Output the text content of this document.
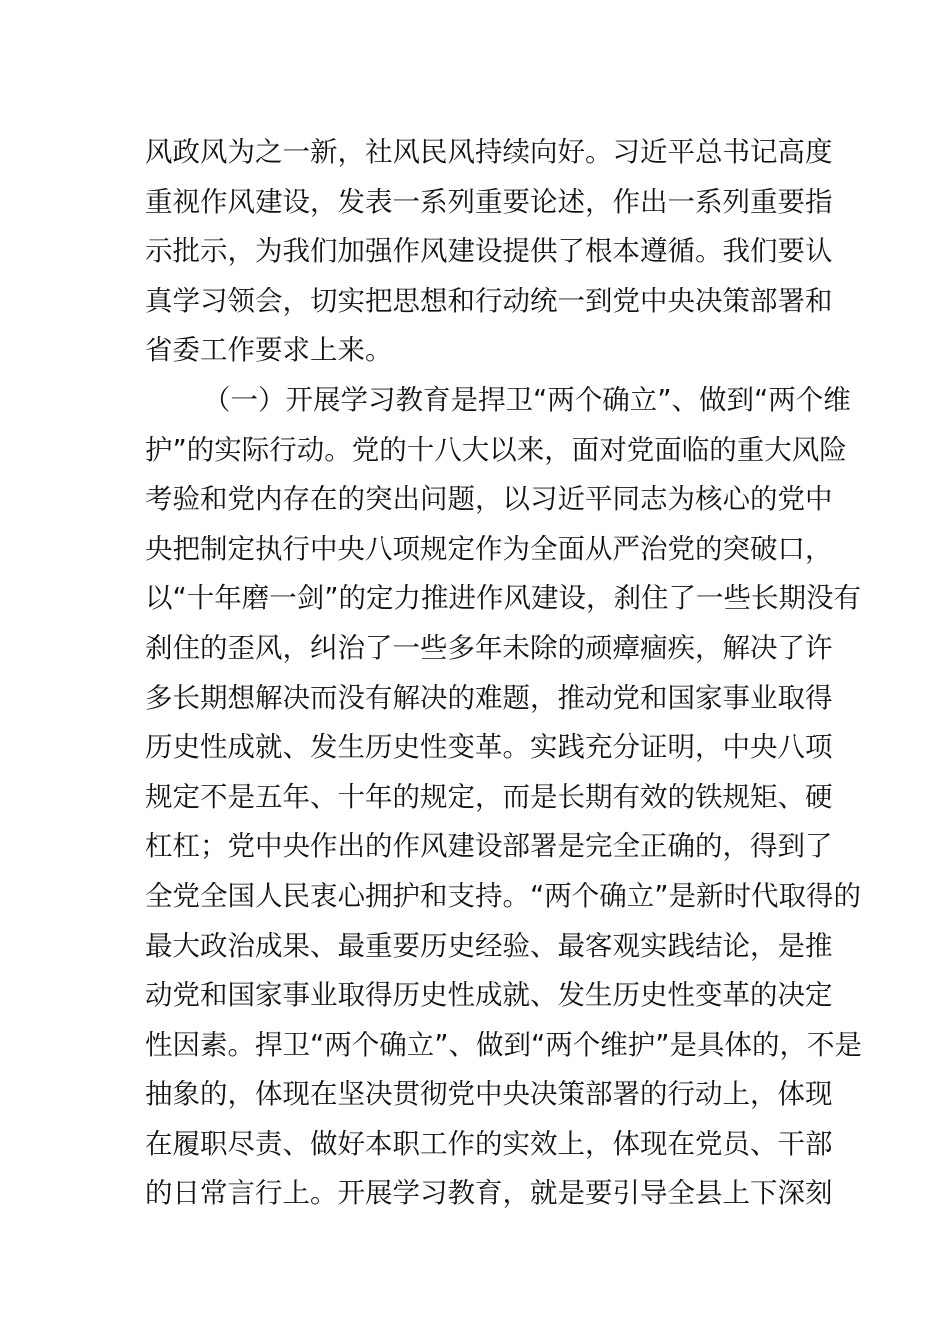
风政风为之一新，社风民风持续向好。习近平总书记高度
重视作风建设，发表一系列重要论述，作出一系列重要指
示批示，为我们加强作风建设提供了根本遵循。我们要认
真学习领会，切实把思想和行动统一到党中央决策部署和
省委工作要求上来。
（一）开展学习教育是捍卫“两个确立”、做到“两个维
护”的实际行动。党的十八大以来，面对党面临的重大风险
考验和党内存在的突出问题，以习近平同志为核心的党中
央把制定执行中央八项规定作为全面从严治党的突破口，
以“十年磨一剑”的定力推进作风建设，刹住了一些长期没有
刹住的歪风，纠治了一些多年未除的顽瘴痼疾，解决了许
多长期想解决而没有解决的难题，推动党和国家事业取得
历史性成就、发生历史性变革。实践充分证明，中央八项
规定不是五年、十年的规定，而是长期有效的铁规矩、硬
杠杠；党中央作出的作风建设部署是完全正确的，得到了
全党全国人民衷心拥护和支持。“两个确立”是新时代取得的
最大政治成果、最重要历史经验、最客观实践结论，是推
动党和国家事业取得历史性成就、发生历史性变革的决定
性因素。捍卫“两个确立”、做到“两个维护”是具体的，不是
抽象的，体现在坚决贯彻党中央决策部署的行动上，体现
在履职尽责、做好本职工作的实效上，体现在党员、干部
的日常言行上。开展学习教育，就是要引导全县上下深刻
